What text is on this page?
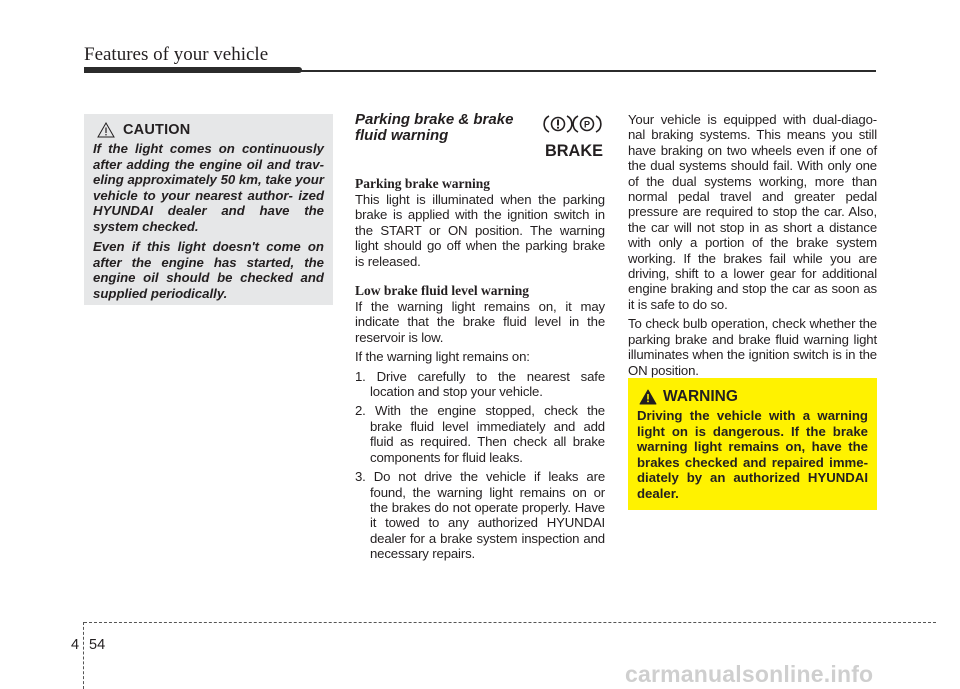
Features of your vehicle
CAUTION

If the light comes on continuously after adding the engine oil and trav- eling approximately 50 km, take your vehicle to your nearest author- ized HYUNDAI dealer and have the system checked.

Even if this light doesn't come on after the engine has started, the engine oil should be checked and supplied periodically.

Parking brake & brake fluid warning
P
BRAKE

Parking brake warning

This light is illuminated when the parking brake is applied with the ignition switch in the START or ON position. The warning light should go off when the parking brake is released.

Low brake fluid level warning

If the warning light remains on, it may indicate that the brake fluid level in the reservoir is low.

If the warning light remains on:

1. Drive carefully to the nearest safe location and stop your vehicle.
2. With the engine stopped, check the brake fluid level immediately and add fluid as required. Then check all brake components for fluid leaks.
3. Do not drive the vehicle if leaks are found, the warning light remains on or the brakes do not operate properly. Have it towed to any authorized HYUNDAI dealer for a brake system inspection and necessary repairs.

Your vehicle is equipped with dual-diago- nal braking systems. This means you still have braking on two wheels even if one of the dual systems should fail. With only one of the dual systems working, more than normal pedal travel and greater pedal pressure are required to stop the car. Also, the car will not stop in as short a distance with only a portion of the brake system working. If the brakes fail while you are driving, shift to a lower gear for additional engine braking and stop the car as soon as it is safe to do so.

To check bulb operation, check whether the parking brake and brake fluid warning light illuminates when the ignition switch is in the ON position.

WARNING

Driving the vehicle with a warning light on is dangerous. If the brake warning light remains on, have the brakes checked and repaired imme- diately by an authorized HYUNDAI dealer.

4 54
carmanualsonline.info
